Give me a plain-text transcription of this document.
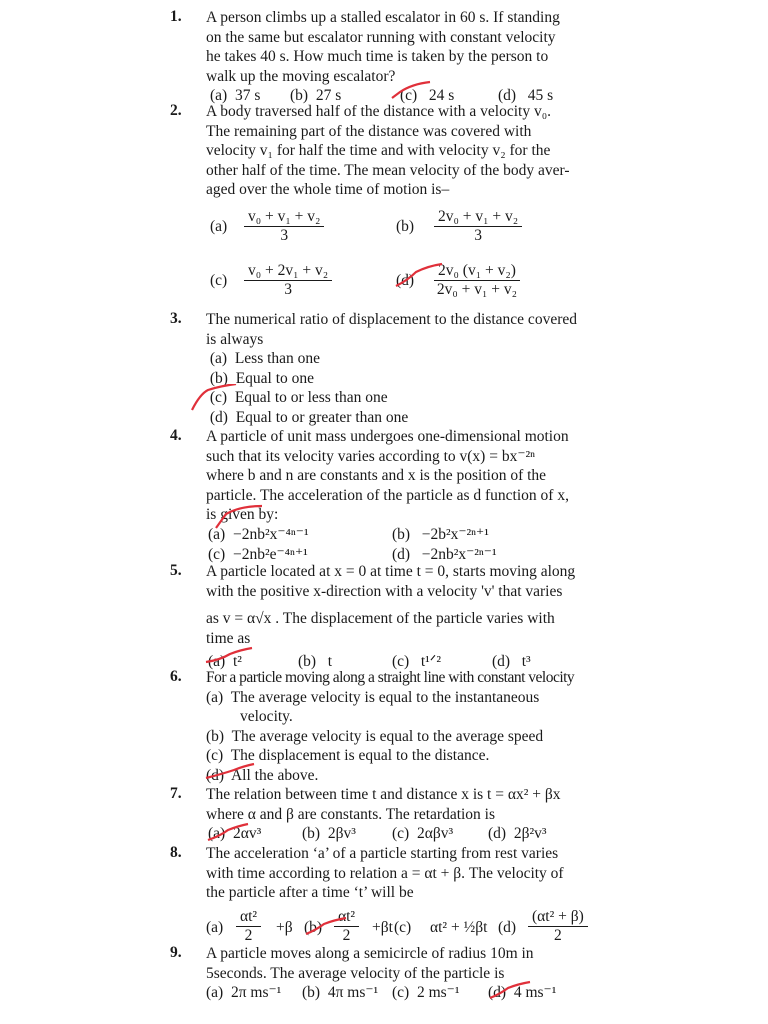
1. A person climbs up a stalled escalator in 60 s. If standing
on the same but escalator running with constant velocity
he takes 40 s. How much time is taken by the person to
walk up the moving escalator?
(a) 37 s (b) 27 s	(c) 24 s	(d) 45 s
2. A body traversed half of the distance with a velocity v₀.
The remaining part of the distance was covered with
velocity v₁ for half the time and with velocity v₂ for the
other half of the time. The mean velocity of the body aver-
aged over the whole time of motion is–
$(a) \frac{\text{v₀ + v₁ + v₂}}{3}$	$(b) \frac{\text{2v₀ + v₁ + v₂}}{3}$
$(c) \frac{\text{v₀ + 2v₁ + v₂}}{3}$	$(d) \frac{\text{2v₀ (v₁ + v₂)}}{\text{2v₀ + v₁ + v₂}}$
3. The numerical ratio of displacement to the distance covered
is always
(a) Less than one
(b) Equal to one
(c) Equal to or less than one
(d) Equal to or greater than one
4. A particle of unit mass undergoes one-dimensional motion
such that its velocity varies according to v(x) = bx⁻²ⁿ
where b and n are constants and x is the position of the
particle. The acceleration of the particle as d function of x,
is given by:
(a) −2nb²x⁻⁴ⁿ⁻¹	(b) −2b²x⁻²ⁿ⁺¹
(c) −2nb²e⁻⁴ⁿ⁺¹	(d) −2nb²x⁻²ⁿ⁻¹
5. A particle located at x = 0 at time t = 0, starts moving along
with the positive x-direction with a velocity 'v' that varies
as v = α√x . The displacement of the particle varies with
time as
(a) t²	(b) t	(c) t¹ᐟ²	(d) t³
6. For a particle moving along a straight line with constant velocity
(a) The average velocity is equal to the instantaneous
velocity.
(b) The average velocity is equal to the average speed
(c) The displacement is equal to the distance.
(d) All the above.
7. The relation between time t and distance x is t = αx² + βx
where α and β are constants. The retardation is
(a) 2αv³	(b) 2βv³ (c) 2αβv³ (d) 2β²v³
8. The acceleration ‘a’ of a particle starting from rest varies
with time according to relation a = αt + β. The velocity of
the particle after a time ‘t’ will be
$(a) \frac{\text{αt²}}{2} +\beta$ $(b) \frac{\text{αt²}}{2} +\beta t$ (c) αt² + ½βt $(d) \frac{\text{(αt² + β)}}{2}$
9. A particle moves along a semicircle of radius 10m in
5seconds. The average velocity of the particle is
(a) 2π ms⁻¹ (b) 4π ms⁻¹ (c) 2 ms⁻¹ (d) 4 ms⁻¹
